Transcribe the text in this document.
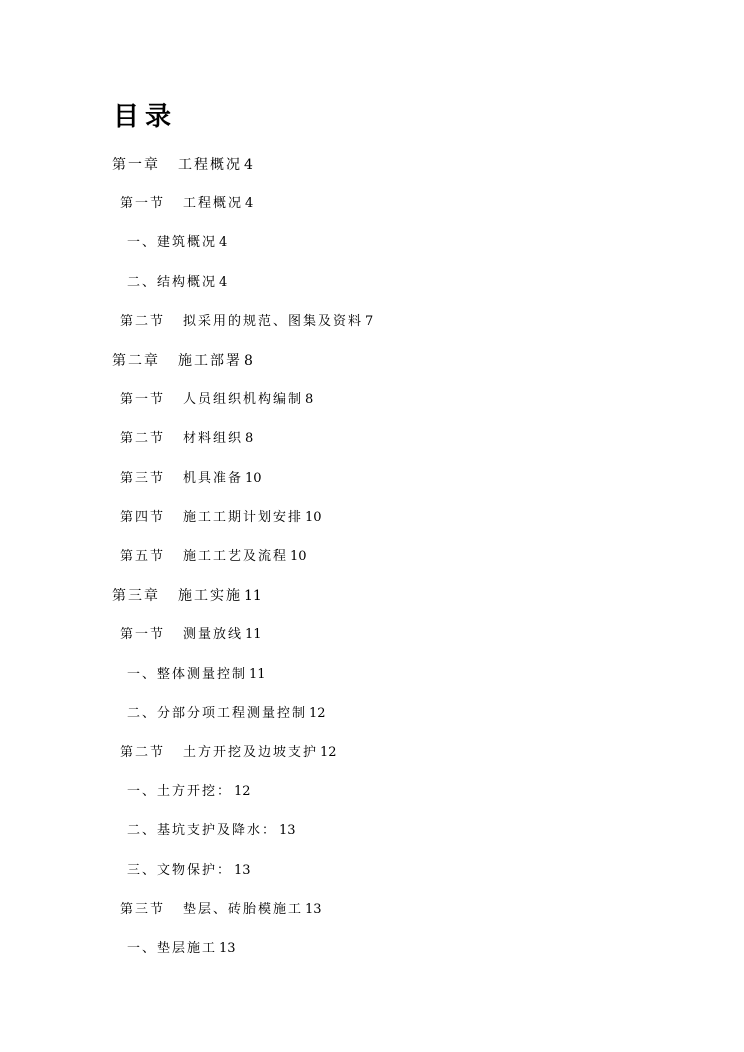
目录
第一章 工程概况 4
第一节 工程概况 4
一、建筑概况 4
二、结构概况 4
第二节 拟采用的规范、图集及资料 7
第二章 施工部署 8
第一节 人员组织机构编制 8
第二节 材料组织 8
第三节 机具准备 10
第四节 施工工期计划安排 10
第五节 施工工艺及流程 10
第三章 施工实施 11
第一节 测量放线 11
一、整体测量控制 11
二、分部分项工程测量控制 12
第二节 土方开挖及边坡支护 12
一、土方开挖： 12
二、基坑支护及降水： 13
三、文物保护： 13
第三节 垫层、砖胎模施工 13
一、垫层施工 13
